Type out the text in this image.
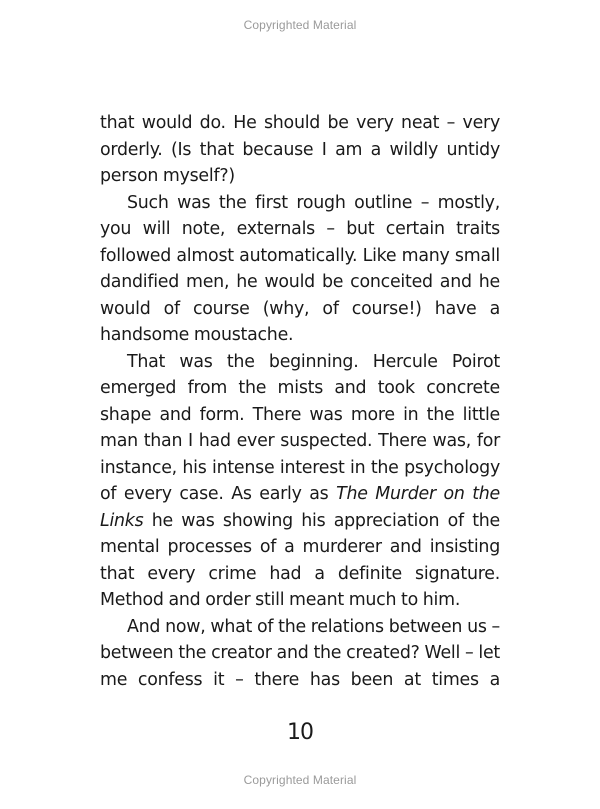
Copyrighted Material

that would do. He should be very neat – very orderly. (Is that because I am a wildly untidy person myself?)

Such was the first rough outline – mostly, you will note, externals – but certain traits followed almost automatically. Like many small dandified men, he would be conceited and he would of course (why, of course!) have a handsome moustache.

That was the beginning. Hercule Poirot emerged from the mists and took concrete shape and form. There was more in the little man than I had ever suspected. There was, for instance, his intense interest in the psychology of every case. As early as The Murder on the Links he was showing his appreciation of the mental processes of a murderer and insisting that every crime had a definite signature. Method and order still meant much to him.

And now, what of the relations between us – between the creator and the created? Well – let me confess it – there has been at times a

10
Copyrighted Material
